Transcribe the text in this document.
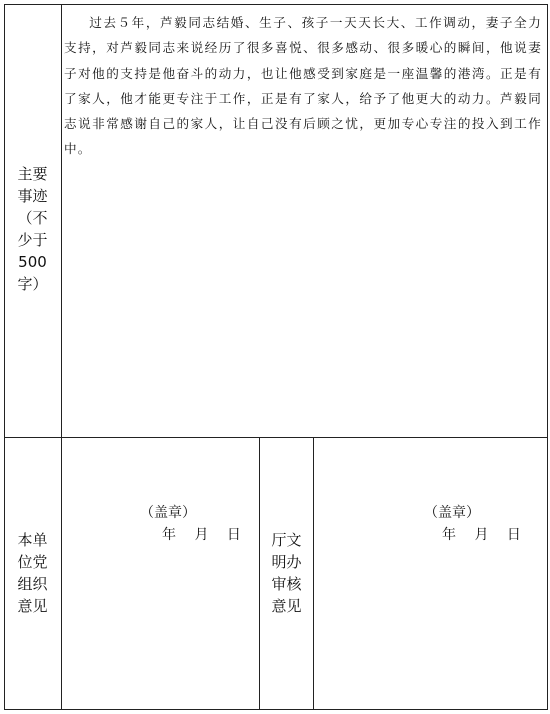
主要
事迹
（不
少于
500
字）

过去５年，芦毅同志结婚、生子、孩子一天天长大、工作调动，妻子全力支持，对芦毅同志来说经历了很多喜悦、很多感动、很多暖心的瞬间，他说妻子对他的支持是他奋斗的动力，也让他感受到家庭是一座温馨的港湾。正是有了家人，他才能更专注于工作，正是有了家人，给予了他更大的动力。芦毅同志说非常感谢自己的家人，让自己没有后顾之忧，更加专心专注的投入到工作中。

本单
位党
组织
意见
（盖章）
年　 月　 日	厅文
明办
审核
意见
（盖章）
年　 月　 日
